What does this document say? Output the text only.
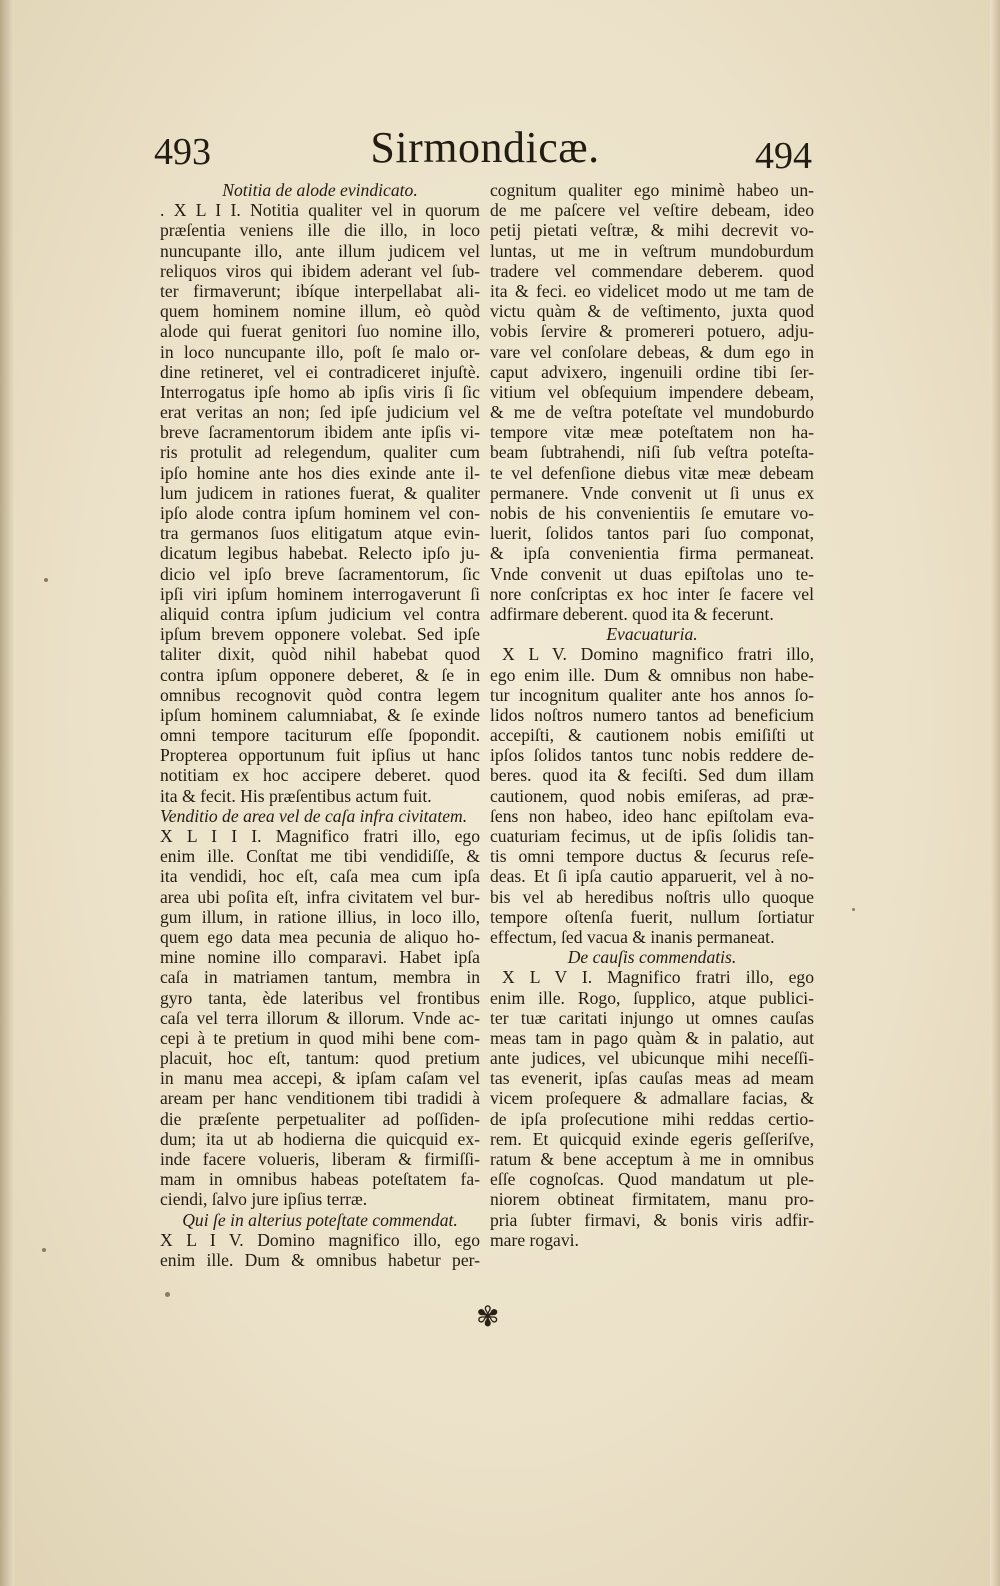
493	Sirmondicæ.	494
Notitia de alode evindicato.
. X L I I. Notitia qualiter vel in quorum
præſentia veniens ille die illo, in loco
nuncupante illo, ante illum judicem vel
reliquos viros qui ibidem aderant vel ſub-
ter firmaverunt; ibíque interpellabat ali-
quem hominem nomine illum, eò quòd
alode qui fuerat genitori ſuo nomine illo,
in loco nuncupante illo, poſt ſe malo or-
dine retineret, vel ei contradiceret injuſtè.
Interrogatus ipſe homo ab ipſis viris ſi ſic
erat veritas an non; ſed ipſe judicium vel
breve ſacramentorum ibidem ante ipſis vi-
ris protulit ad relegendum, qualiter cum
ipſo homine ante hos dies exinde ante il-
lum judicem in rationes fuerat, & qualiter
ipſo alode contra ipſum hominem vel con-
tra germanos ſuos elitigatum atque evin-
dicatum legibus habebat. Relecto ipſo ju-
dicio vel ipſo breve ſacramentorum, ſic
ipſi viri ipſum hominem interrogaverunt ſi
aliquid contra ipſum judicium vel contra
ipſum brevem opponere volebat. Sed ipſe
taliter dixit, quòd nihil habebat quod
contra ipſum opponere deberet, & ſe in
omnibus recognovit quòd contra legem
ipſum hominem calumniabat, & ſe exinde
omni tempore taciturum eſſe ſpopondit.
Propterea opportunum fuit ipſius ut hanc
notitiam ex hoc accipere deberet. quod
ita & fecit. His præſentibus actum fuit.
Venditio de area vel de caſa infra civitatem.
X L I I I. Magnifico fratri illo, ego
enim ille. Conſtat me tibi vendidiſſe, &
ita vendidi, hoc eſt, caſa mea cum ipſa
area ubi poſita eſt, infra civitatem vel bur-
gum illum, in ratione illius, in loco illo,
quem ego data mea pecunia de aliquo ho-
mine nomine illo comparavi. Habet ipſa
caſa in matriamen tantum, membra in
gyro tanta, ède lateribus vel frontibus
caſa vel terra illorum & illorum. Vnde ac-
cepi à te pretium in quod mihi bene com-
placuit, hoc eſt, tantum: quod pretium
in manu mea accepi, & ipſam caſam vel
aream per hanc venditionem tibi tradidi à
die præſente perpetualiter ad poſſiden-
dum; ita ut ab hodierna die quicquid ex-
inde facere volueris, liberam & firmiſſi-
mam in omnibus habeas poteſtatem fa-
ciendi, ſalvo jure ipſius terræ.
Qui ſe in alterius poteſtate commendat.
X L I V. Domino magnifico illo, ego
enim ille. Dum & omnibus habetur per-
cognitum qualiter ego minimè habeo un-
de me paſcere vel veſtire debeam, ideo
petij pietati veſtræ, & mihi decrevit vo-
luntas, ut me in veſtrum mundoburdum
tradere vel commendare deberem. quod
ita & feci. eo videlicet modo ut me tam de
victu quàm & de veſtimento, juxta quod
vobis ſervire & promereri potuero, adju-
vare vel conſolare debeas, & dum ego in
caput advixero, ingenuili ordine tibi ſer-
vitium vel obſequium impendere debeam,
& me de veſtra poteſtate vel mundoburdo
tempore vitæ meæ poteſtatem non ha-
beam ſubtrahendi, niſi ſub veſtra poteſta-
te vel defenſione diebus vitæ meæ debeam
permanere. Vnde convenit ut ſi unus ex
nobis de his convenientiis ſe emutare vo-
luerit, ſolidos tantos pari ſuo componat,
& ipſa convenientia firma permaneat.
Vnde convenit ut duas epiſtolas uno te-
nore conſcriptas ex hoc inter ſe facere vel
adfirmare deberent. quod ita & fecerunt.
Evacuaturia.
X L V. Domino magnifico fratri illo,
ego enim ille. Dum & omnibus non habe-
tur incognitum qualiter ante hos annos ſo-
lidos noſtros numero tantos ad beneficium
accepiſti, & cautionem nobis emiſiſti ut
ipſos ſolidos tantos tunc nobis reddere de-
beres. quod ita & feciſti. Sed dum illam
cautionem, quod nobis emiſeras, ad præ-
ſens non habeo, ideo hanc epiſtolam eva-
cuaturiam fecimus, ut de ipſis ſolidis tan-
tis omni tempore ductus & ſecurus reſe-
deas. Et ſi ipſa cautio apparuerit, vel à no-
bis vel ab heredibus noſtris ullo quoque
tempore oſtenſa fuerit, nullum ſortiatur
effectum, ſed vacua & inanis permaneat.
De cauſis commendatis.
X L V I. Magnifico fratri illo, ego
enim ille. Rogo, ſupplico, atque publici-
ter tuæ caritati injungo ut omnes cauſas
meas tam in pago quàm & in palatio, aut
ante judices, vel ubicunque mihi neceſſi-
tas evenerit, ipſas cauſas meas ad meam
vicem proſequere & admallare facias, &
de ipſa proſecutione mihi reddas certio-
rem. Et quicquid exinde egeris geſſeriſve,
ratum & bene acceptum à me in omnibus
eſſe cognoſcas. Quod mandatum ut ple-
niorem obtineat firmitatem, manu pro-
pria ſubter firmavi, & bonis viris adfir-
mare rogavi.
✾
